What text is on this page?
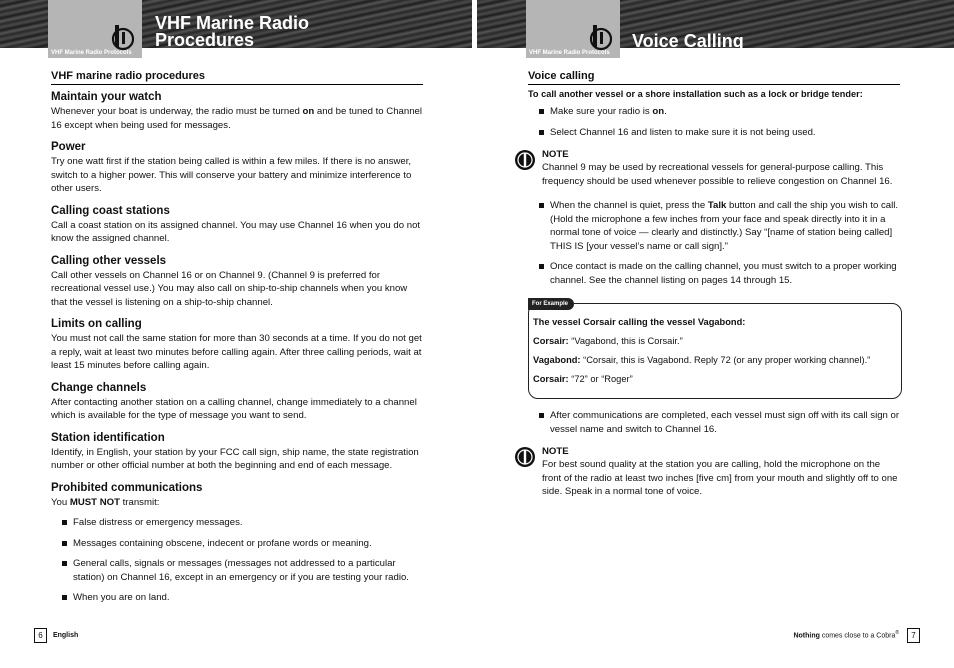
VHF Marine Radio Protocols
VHF Marine Radio
Procedures
VHF Marine Radio Protocols
Voice Calling
VHF marine radio procedures
Maintain your watch
Whenever your boat is underway, the radio must be turned on and be tuned to Channel 16 except when being used for messages.
Power
Try one watt first if the station being called is within a few miles. If there is no answer, switch to a higher power. This will conserve your battery and minimize interference to other users.
Calling coast stations
Call a coast station on its assigned channel. You may use Channel 16 when you do not know the assigned channel.
Calling other vessels
Call other vessels on Channel 16 or on Channel 9. (Channel 9 is preferred for recreational vessel use.) You may also call on ship-to-ship channels when you know that the vessel is listening on a ship-to-ship channel.
Limits on calling
You must not call the same station for more than 30 seconds at a time. If you do not get a reply, wait at least two minutes before calling again. After three calling periods, wait at least 15 minutes before calling again.
Change channels
After contacting another station on a calling channel, change immediately to a channel which is available for the type of message you want to send.
Station identification
Identify, in English, your station by your FCC call sign, ship name, the state registration number or other official number at both the beginning and end of each message.
Prohibited communications
You MUST NOT transmit:
False distress or emergency messages.
Messages containing obscene, indecent or profane words or meaning.
General calls, signals or messages (messages not addressed to a particular station) on Channel 16, except in an emergency or if you are testing your radio.
When you are on land.
Voice calling
To call another vessel or a shore installation such as a lock or bridge tender:
Make sure your radio is on.
Select Channel 16 and listen to make sure it is not being used.
NOTE
Channel 9 may be used by recreational vessels for general-purpose calling. This frequency should be used whenever possible to relieve congestion on Channel 16.
When the channel is quiet, press the Talk button and call the ship you wish to call. (Hold the microphone a few inches from your face and speak directly into it in a normal tone of voice — clearly and distinctly.) Say “[name of station being called] THIS IS [your vessel’s name or call sign].”
Once contact is made on the calling channel, you must switch to a proper working channel. See the channel listing on pages 14 through 15.
For Example

The vessel Corsair calling the vessel Vagabond:

Corsair: “Vagabond, this is Corsair.”

Vagabond: “Corsair, this is Vagabond. Reply 72 (or any proper working channel).”

Corsair: “72” or “Roger”

After communications are completed, each vessel must sign off with its call sign or vessel name and switch to Channel 16.
NOTE
For best sound quality at the station you are calling, hold the microphone on the front of the radio at least two inches [five cm] from your mouth and slightly off to one side. Speak in a normal tone of voice.
6 English	Nothing comes close to a Cobra® 7
